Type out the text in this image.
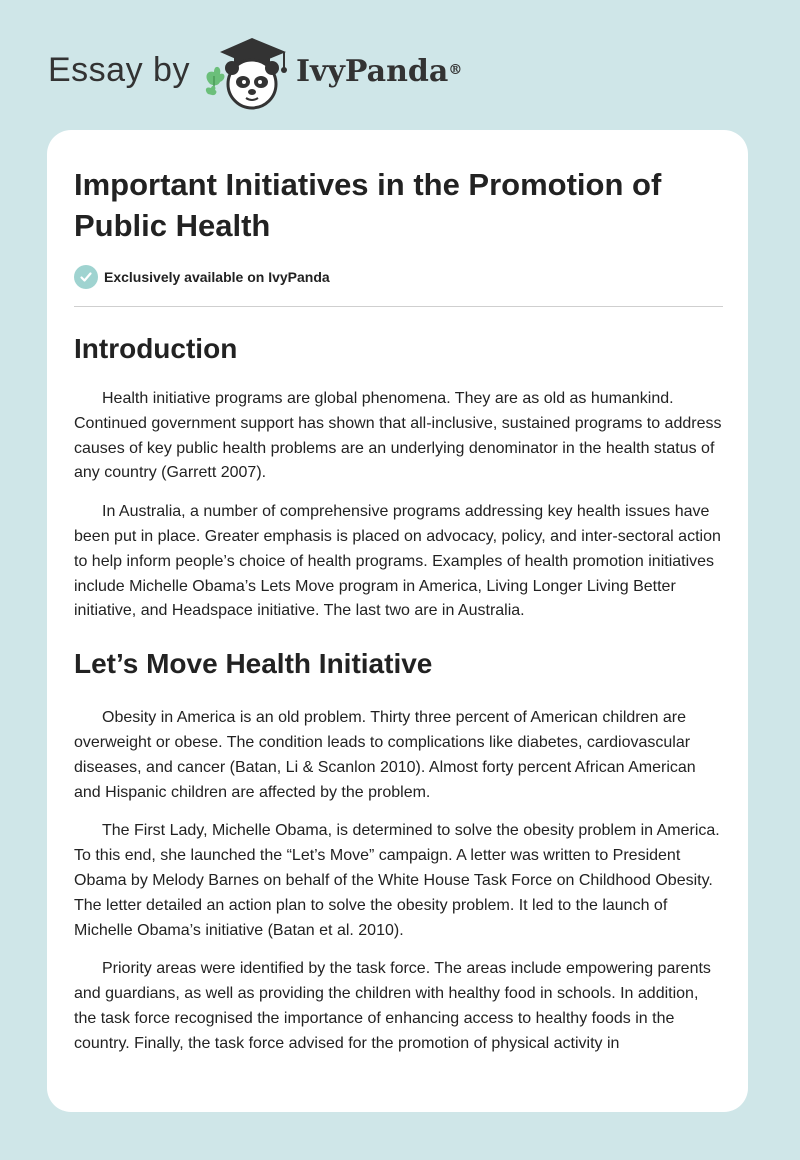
Essay by	IvyPanda®
Important Initiatives in the Promotion of Public Health
Exclusively available on IvyPanda
Introduction

Health initiative programs are global phenomena. They are as old as humankind. Continued government support has shown that all-inclusive, sustained programs to address causes of key public health problems are an underlying denominator in the health status of any country (Garrett 2007).

In Australia, a number of comprehensive programs addressing key health issues have been put in place. Greater emphasis is placed on advocacy, policy, and inter-sectoral action to help inform people’s choice of health programs. Examples of health promotion initiatives include Michelle Obama’s Lets Move program in America, Living Longer Living Better initiative, and Headspace initiative. The last two are in Australia.

Let’s Move Health Initiative

Obesity in America is an old problem. Thirty three percent of American children are overweight or obese. The condition leads to complications like diabetes, cardiovascular diseases, and cancer (Batan, Li & Scanlon 2010). Almost forty percent African American and Hispanic children are affected by the problem.

The First Lady, Michelle Obama, is determined to solve the obesity problem in America. To this end, she launched the “Let’s Move” campaign. A letter was written to President Obama by Melody Barnes on behalf of the White House Task Force on Childhood Obesity. The letter detailed an action plan to solve the obesity problem. It led to the launch of Michelle Obama’s initiative (Batan et al. 2010).

Priority areas were identified by the task force. The areas include empowering parents and guardians, as well as providing the children with healthy food in schools. In addition, the task force recognised the importance of enhancing access to healthy foods in the country. Finally, the task force advised for the promotion of physical activity in
